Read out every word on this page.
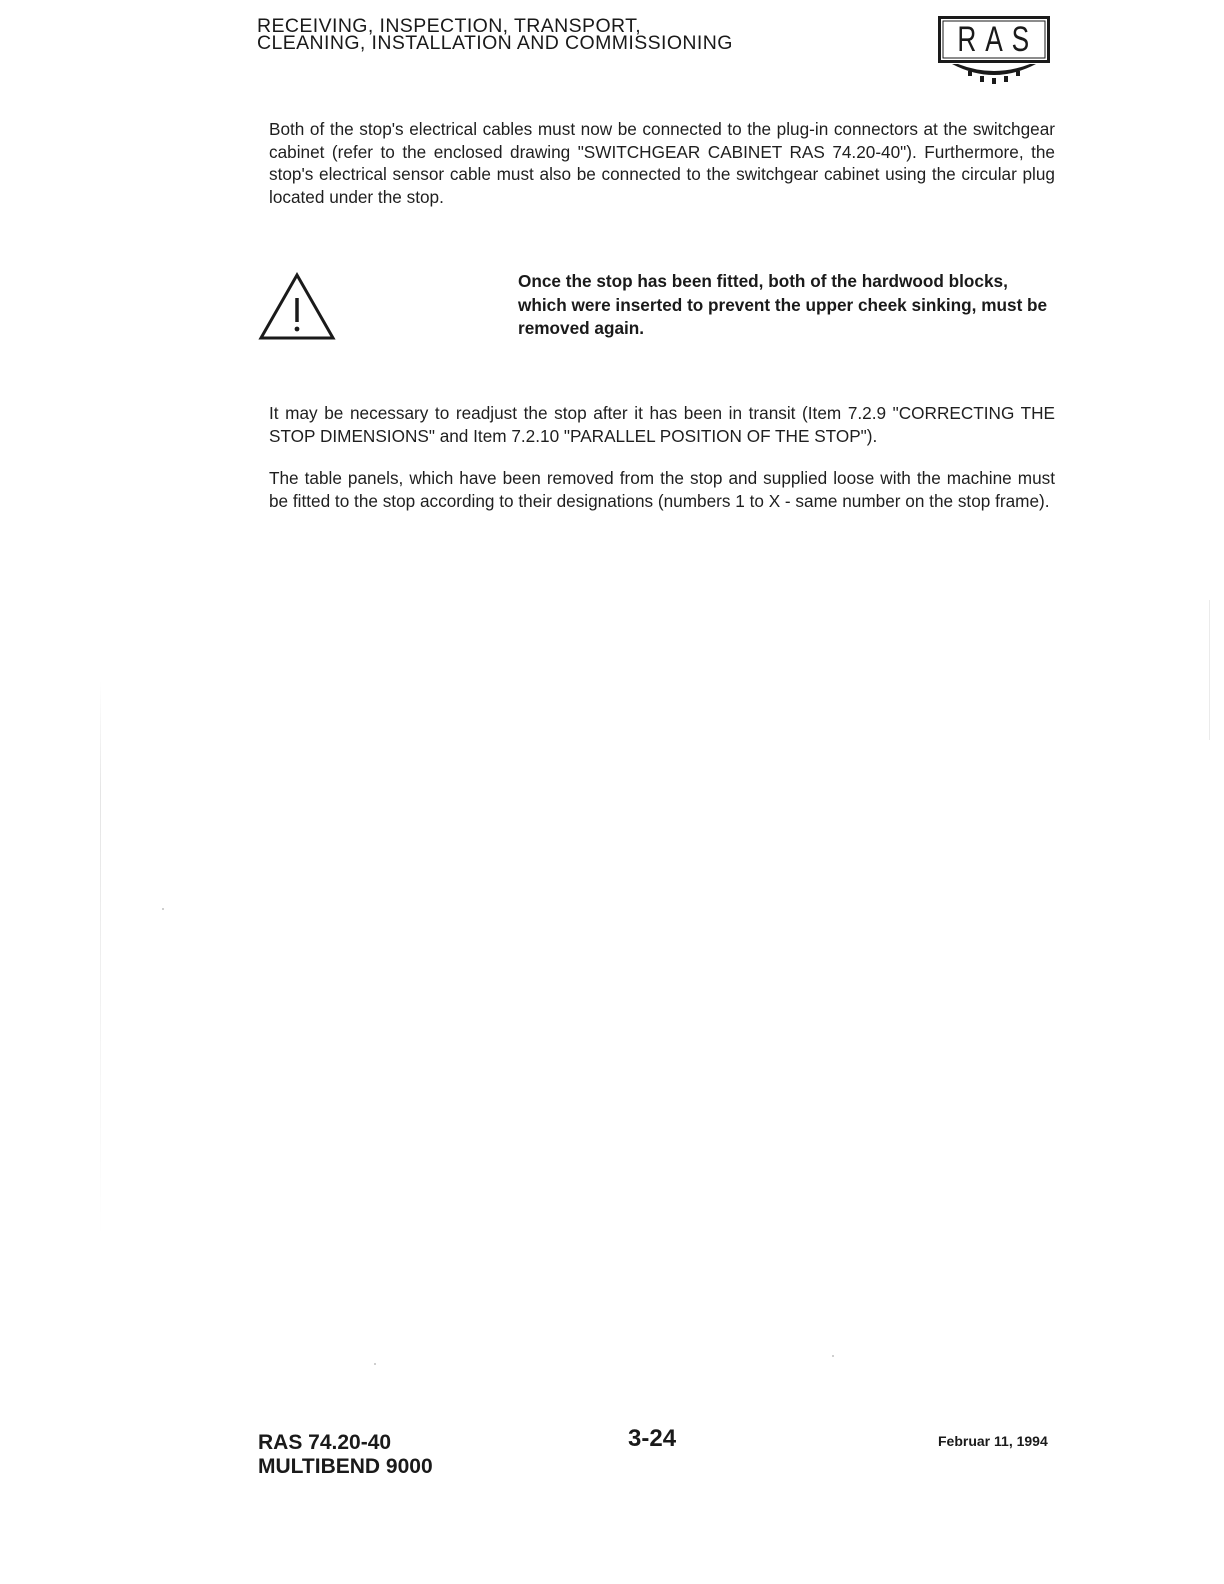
RECEIVING, INSPECTION, TRANSPORT,
CLEANING, INSTALLATION AND COMMISSIONING	R A S

Both of the stop's electrical cables must now be connected to the plug-in connectors at the switchgear cabinet (refer to the enclosed drawing "SWITCHGEAR CABINET RAS 74.20-40"). Furthermore, the stop's electrical sensor cable must also be connected to the switchgear cabinet using the circular plug located under the stop.

Once the stop has been fitted, both of the hardwood blocks, which were inserted to prevent the upper cheek sinking, must be removed again.

It may be necessary to readjust the stop after it has been in transit (Item 7.2.9 "CORRECTING THE STOP DIMENSIONS" and Item 7.2.10 "PARALLEL POSITION OF THE STOP").

The table panels, which have been removed from the stop and supplied loose with the machine must be fitted to the stop according to their designations (numbers 1 to X - same number on the stop frame).

RAS 74.20-40
MULTIBEND 9000
3-24	Februar 11, 1994
